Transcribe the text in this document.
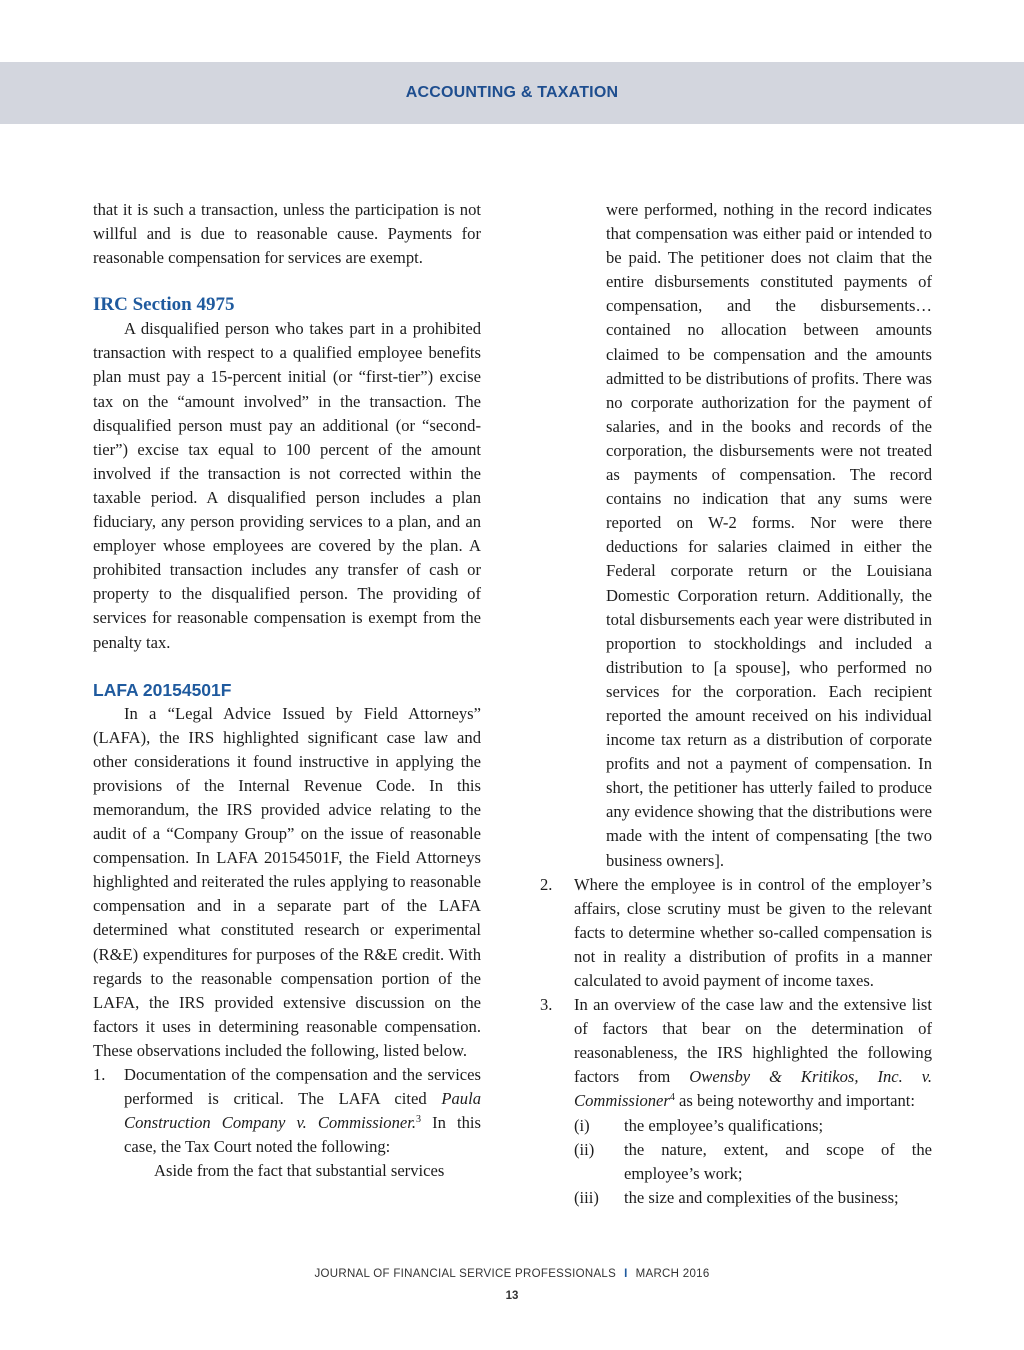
ACCOUNTING & TAXATION

that it is such a transaction, unless the participation is not willful and is due to reasonable cause. Payments for reasonable compensation for services are exempt.

IRC Section 4975

A disqualified person who takes part in a prohibited transaction with respect to a qualified employee benefits plan must pay a 15-percent initial (or “first-tier”) excise tax on the “amount involved” in the transaction. The disqualified person must pay an additional (or “second-tier”) excise tax equal to 100 percent of the amount involved if the transaction is not corrected within the taxable period. A disqualified person includes a plan fiduciary, any person providing services to a plan, and an employer whose employees are covered by the plan. A prohibited transaction includes any transfer of cash or property to the disqualified person. The providing of services for reasonable compensation is exempt from the penalty tax.

LAFA 20154501F

In a “Legal Advice Issued by Field Attorneys” (LAFA), the IRS highlighted significant case law and other considerations it found instructive in applying the provisions of the Internal Revenue Code. In this memorandum, the IRS provided advice relating to the audit of a “Company Group” on the issue of reasonable compensation. In LAFA 20154501F, the Field Attorneys highlighted and reiterated the rules applying to reasonable compensation and in a separate part of the LAFA determined what constituted research or experimental (R&E) expenditures for purposes of the R&E credit. With regards to the reasonable compensation portion of the LAFA, the IRS provided extensive discussion on the factors it uses in determining reasonable compensation. These observations included the following, listed below.

1. Documentation of the compensation and the services performed is critical. The LAFA cited Paula Construction Company v. Commissioner.$^3$ In this case, the Tax Court noted the following:

Aside from the fact that substantial services

were performed, nothing in the record indicates that compensation was either paid or intended to be paid. The petitioner does not claim that the entire disbursements constituted payments of compensation, and the disbursements…contained no allocation between amounts claimed to be compensation and the amounts admitted to be distributions of profits. There was no corporate authorization for the payment of salaries, and in the books and records of the corporation, the disbursements were not treated as payments of compensation. The record contains no indication that any sums were reported on W-2 forms. Nor were there deductions for salaries claimed in either the Federal corporate return or the Louisiana Domestic Corporation return. Additionally, the total disbursements each year were distributed in proportion to stockholdings and included a distribution to [a spouse], who performed no services for the corporation. Each recipient reported the amount received on his individual income tax return as a distribution of corporate profits and not a payment of compensation. In short, the petitioner has utterly failed to produce any evidence showing that the distributions were made with the intent of compensating [the two business owners].

2. Where the employee is in control of the employer’s affairs, close scrutiny must be given to the relevant facts to determine whether so-called compensation is not in reality a distribution of profits in a manner calculated to avoid payment of income taxes.
3. In an overview of the case law and the extensive list of factors that bear on the determination of reasonableness, the IRS highlighted the following factors from Owensby & Kritikos, Inc. v. Commissioner$^4$ as being noteworthy and important:
(i) the employee’s qualifications;
(ii) the nature, extent, and scope of the employee’s work;
(iii) the size and complexities of the business;
JOURNAL OF FINANCIAL SERVICE PROFESSIONALS I MARCH 2016
13
